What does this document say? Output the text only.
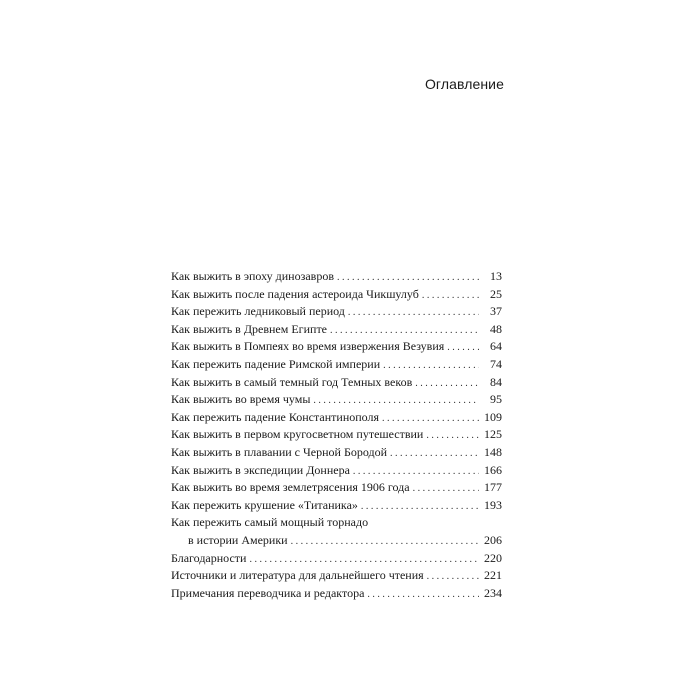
Оглавление
Как выжить в эпоху динозавров . . .	13
Как выжить после падения астероида Чикшулуб . . .	25
Как пережить ледниковый период . . .	37
Как выжить в Древнем Египте . . .	48
Как выжить в Помпеях во время извержения Везувия . . .	64
Как пережить падение Римской империи . . .	74
Как выжить в самый темный год Темных веков . . .	84
Как выжить во время чумы . . .	95
Как пережить падение Константинополя . . .	109
Как выжить в первом кругосветном путешествии . . .	125
Как выжить в плавании с Черной Бородой . . .	148
Как выжить в экспедиции Доннера . . .	166
Как выжить во время землетрясения 1906 года . . .	177
Как пережить крушение «Титаника» . . .	193
Как пережить самый мощный торнадо
в истории Америки . . .	206
Благодарности . . .	220
Источники и литература для дальнейшего чтения . . .	221
Примечания переводчика и редактора . . .	234
